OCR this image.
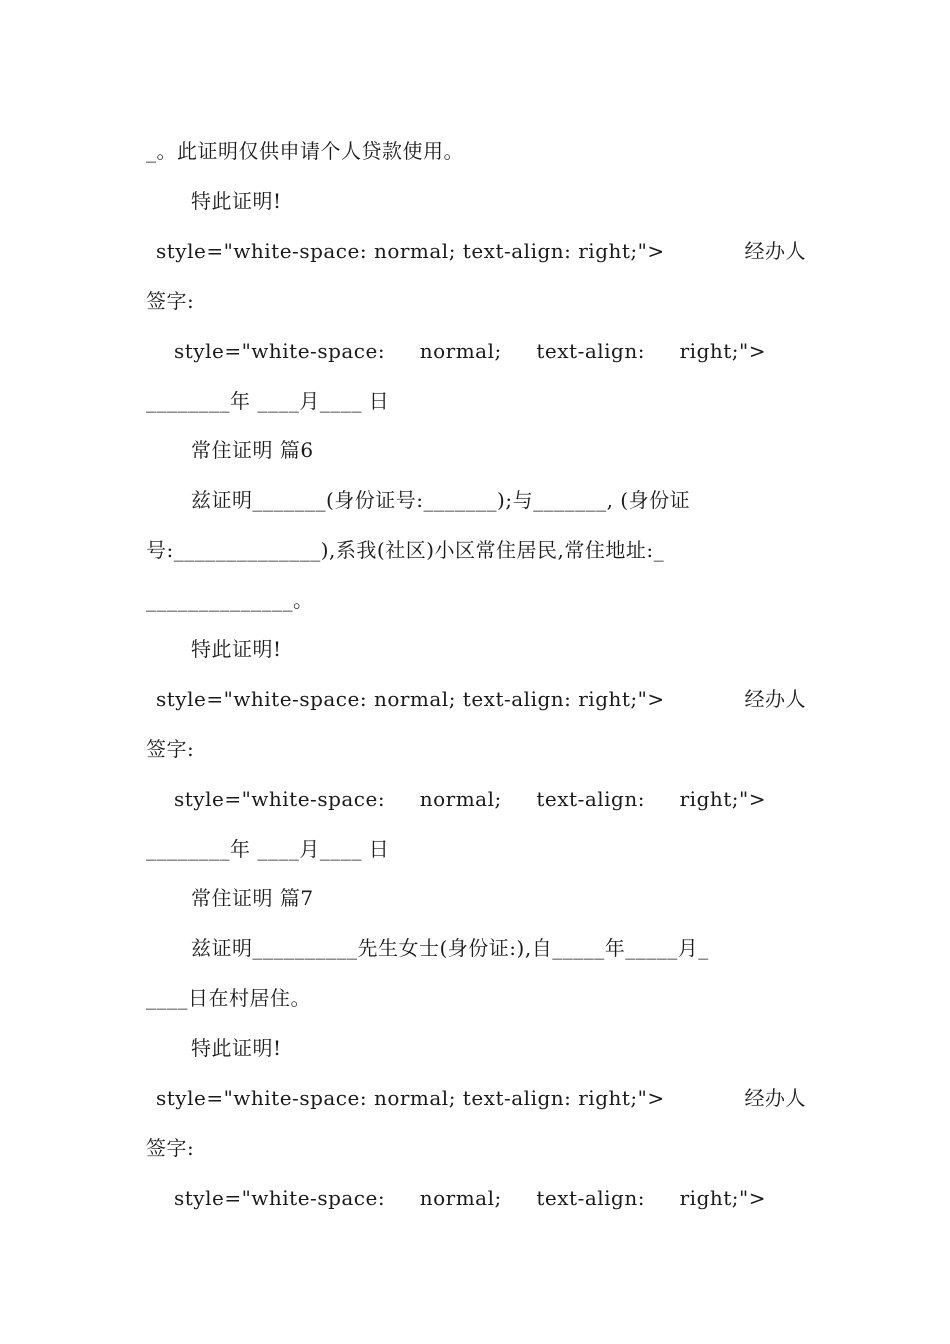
_。此证明仅供申请个人贷款使用。
特此证明!
style="white-space: normal; text-align: right;">	经办人
签字:
style="white-space: normal; text-align: right;">
________年 ____月____ 日
常住证明 篇6
兹证明_______(身份证号:_______);与_______, (身份证
号:______________),系我(社区)小区常住居民,常住地址:_
______________。
特此证明!
style="white-space: normal; text-align: right;">	经办人
签字:
style="white-space: normal; text-align: right;">
________年 ____月____ 日
常住证明 篇7
兹证明__________先生女士(身份证:),自_____年_____月_
____日在村居住。
特此证明!
style="white-space: normal; text-align: right;">	经办人
签字:
style="white-space: normal; text-align: right;">
